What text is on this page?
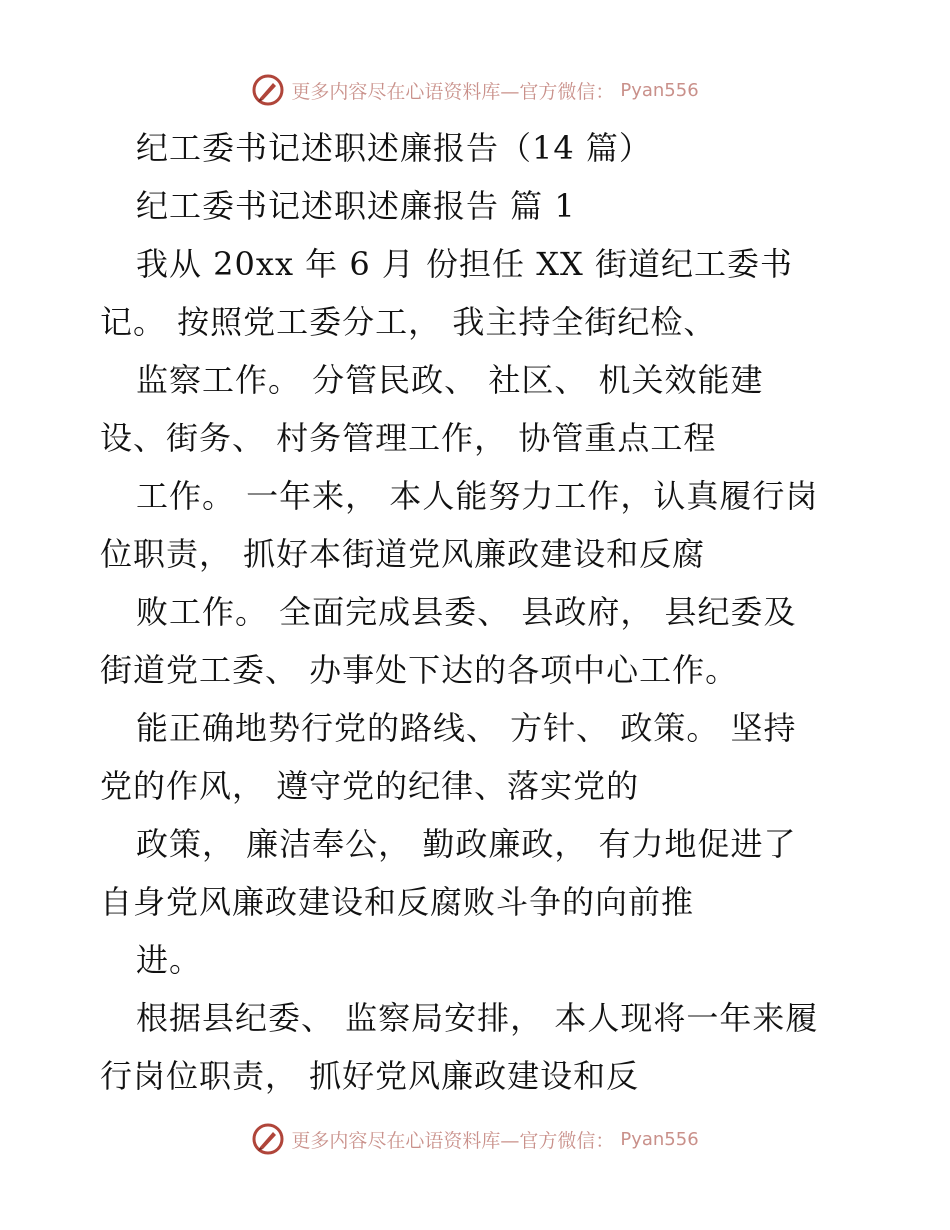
更多内容尽在心语资料库—官方微信： Pyan556
纪工委书记述职述廉报告（14 篇）
纪工委书记述职述廉报告 篇 1
我从 20xx 年 6 月 份担任 XX 街道纪工委书
记。 按照党工委分工， 我主持全街纪检、
监察工作。 分管民政、 社区、 机关效能建
设、街务、 村务管理工作， 协管重点工程
工作。 一年来， 本人能努力工作，认真履行岗
位职责， 抓好本街道党风廉政建设和反腐
败工作。 全面完成县委、 县政府， 县纪委及
街道党工委、 办事处下达的各项中心工作。
能正确地势行党的路线、 方针、 政策。 坚持
党的作风， 遵守党的纪律、落实党的
政策， 廉洁奉公， 勤政廉政， 有力地促进了
自身党风廉政建设和反腐败斗争的向前推
进。
根据县纪委、 监察局安排， 本人现将一年来履
行岗位职责， 抓好党风廉政建设和反
更多内容尽在心语资料库—官方微信： Pyan556
